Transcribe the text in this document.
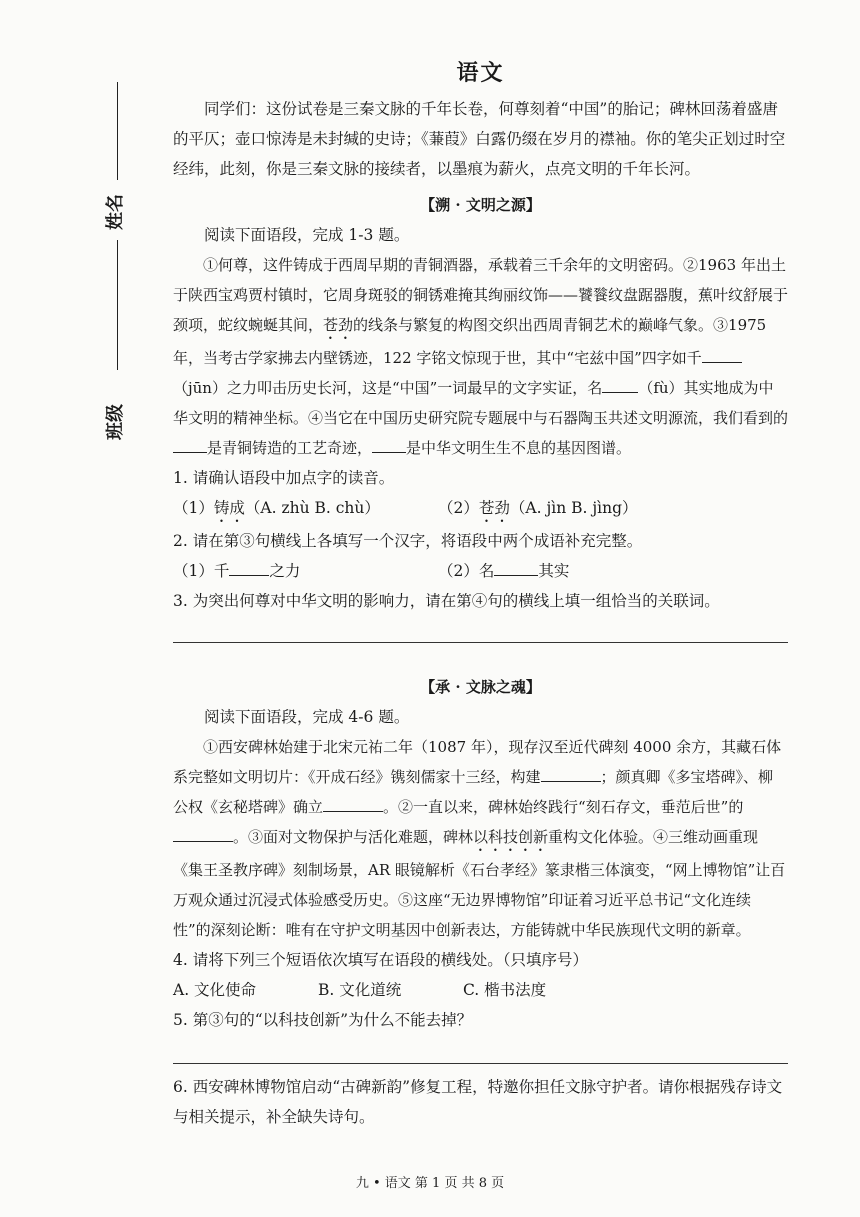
姓名
班级
语文

同学们：这份试卷是三秦文脉的千年长卷，何尊刻着“中国”的胎记；碑林回荡着盛唐的平仄；壶口惊涛是未封缄的史诗；《蒹葭》白露仍缀在岁月的襟袖。你的笔尖正划过时空经纬，此刻，你是三秦文脉的接续者，以墨痕为薪火，点亮文明的千年长河。

【溯 · 文明之源】

阅读下面语段，完成 1-3 题。

①何尊，这件铸成于西周早期的青铜酒器，承载着三千余年的文明密码。②1963 年出土于陕西宝鸡贾村镇时，它周身斑驳的铜锈难掩其绚丽纹饰——饕餮纹盘踞器腹，蕉叶纹舒展于颈项，蛇纹蜿蜒其间，苍劲的线条与繁复的构图交织出西周青铜艺术的巅峰气象。③1975 年，当考古学家拂去内壁锈迹，122 字铭文惊现于世，其中“宅兹中国”四字如千（jūn）之力叩击历史长河，这是“中国”一词最早的文字实证，名 （fù）其实地成为中华文明的精神坐标。④当它在中国历史研究院专题展中与石器陶玉共述文明源流，我们看到的是青铜铸造的工艺奇迹， 是中华文明生生不息的基因图谱。

1. 请确认语段中加点字的读音。

（1）铸成（A. zhù B. chù）	（2）苍劲（A. jìn B. jìng）

2. 请在第③句横线上各填写一个汉字，将语段中两个成语补充完整。

（1）千	之力	（2）名	其实

3. 为突出何尊对中华文明的影响力，请在第④句的横线上填一组恰当的关联词。

【承 · 文脉之魂】

阅读下面语段，完成 4-6 题。

①西安碑林始建于北宋元祐二年（1087 年），现存汉至近代碑刻 4000 余方，其藏石体系完整如文明切片：《开成石经》镌刻儒家十三经，构建	；颜真卿《多宝塔碑》、柳公权《玄秘塔碑》确立	。②一直以来，碑林始终践行“刻石存文，垂范后世”的。③面对文物保护与活化难题，碑林以科技创新重构文化体验。④三维动画重现《集王圣教序碑》刻制场景，AR 眼镜解析《石台孝经》篆隶楷三体演变，“网上博物馆”让百万观众通过沉浸式体验感受历史。⑤这座“无边界博物馆”印证着习近平总书记“文化连续性”的深刻论断：唯有在守护文明基因中创新表达，方能铸就中华民族现代文明的新章。

4. 请将下列三个短语依次填写在语段的横线处。（只填序号）

A. 文化使命	B. 文化道统	C. 楷书法度

5. 第③句的“以科技创新”为什么不能去掉？

6. 西安碑林博物馆启动“古碑新韵”修复工程，特邀你担任文脉守护者。请你根据残存诗文与相关提示，补全缺失诗句。

九 • 语文 第 1 页 共 8 页
